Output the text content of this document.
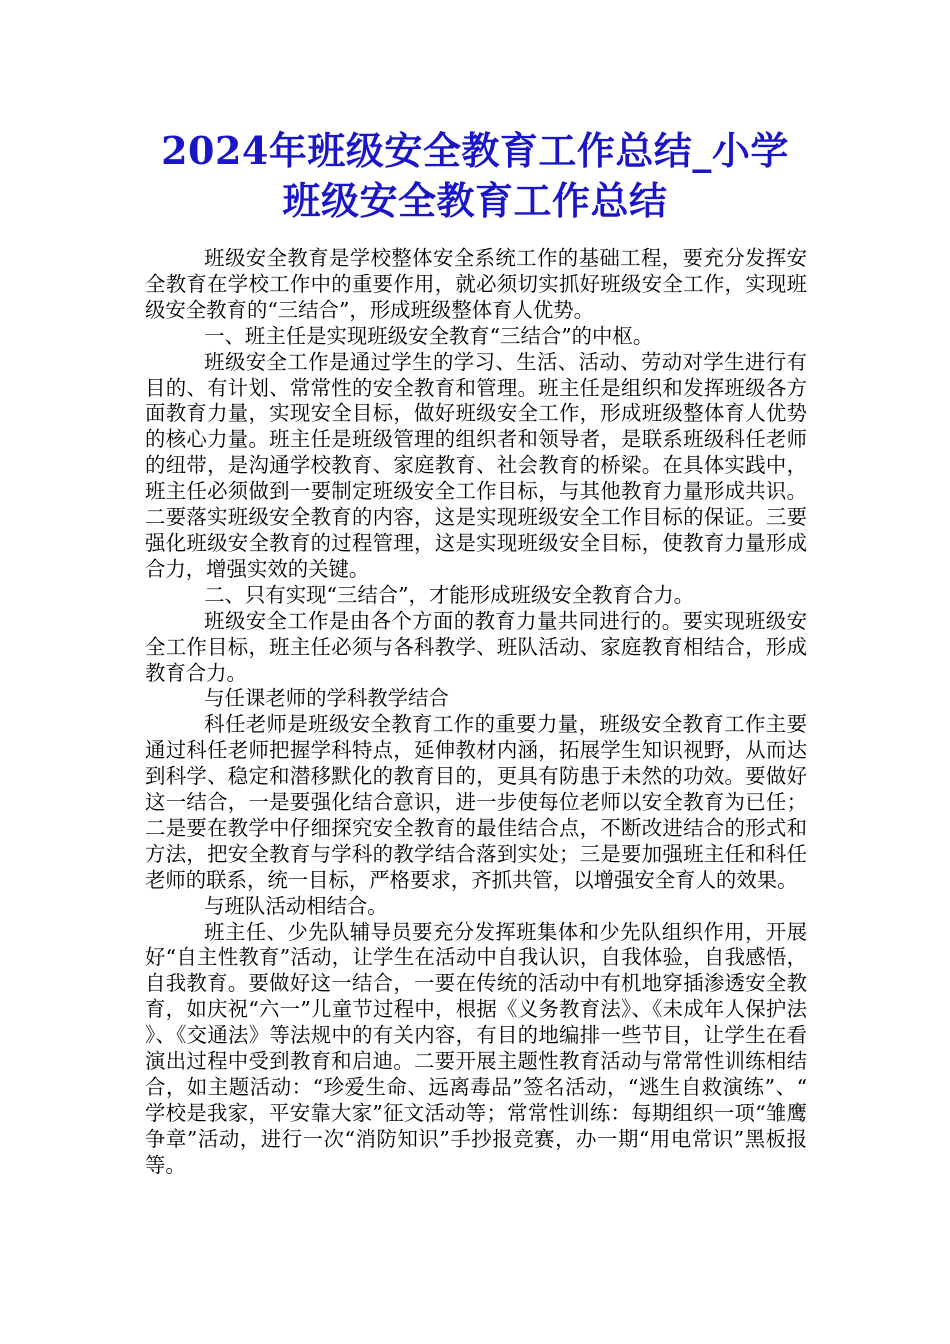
2024年班级安全教育工作总结_小学
班级安全教育工作总结

班级安全教育是学校整体安全系统工作的基础工程，要充分发挥安全教育在学校工作中的重要作用，就必须切实抓好班级安全工作，实现班级安全教育的“三结合”，形成班级整体育人优势。

一、班主任是实现班级安全教育“三结合”的中枢。

班级安全工作是通过学生的学习、生活、活动、劳动对学生进行有目的、有计划、常常性的安全教育和管理。班主任是组织和发挥班级各方面教育力量，实现安全目标，做好班级安全工作，形成班级整体育人优势的核心力量。班主任是班级管理的组织者和领导者，是联系班级科任老师的纽带，是沟通学校教育、家庭教育、社会教育的桥梁。在具体实践中，班主任必须做到一要制定班级安全工作目标，与其他教育力量形成共识。二要落实班级安全教育的内容，这是实现班级安全工作目标的保证。三要强化班级安全教育的过程管理，这是实现班级安全目标，使教育力量形成合力，增强实效的关键。

二、只有实现“三结合”，才能形成班级安全教育合力。

班级安全工作是由各个方面的教育力量共同进行的。要实现班级安全工作目标，班主任必须与各科教学、班队活动、家庭教育相结合，形成教育合力。

与任课老师的学科教学结合

科任老师是班级安全教育工作的重要力量，班级安全教育工作主要 通过科任老师把握学科特点，延伸教材内涵，拓展学生知识视野，从而达到科学、稳定和潜移默化的教育目的，更具有防患于未然的功效。要做好这一结合，一是要强化结合意识，进一步使每位老师以安全教育为已任；二是要在教学中仔细探究安全教育的最佳结合点，不断改进结合的形式和方法，把安全教育与学科的教学结合落到实处；三是要加强班主任和科任老师的联系，统一目标，严格要求，齐抓共管，以增强安全育人的效果。

与班队活动相结合。

班主任、少先队辅导员要充分发挥班集体和少先队组织作用，开展好“自主性教育”活动，让学生在活动中自我认识，自我体验，自我感悟，自我教育。要做好这一结合，一要在传统的活动中有机地穿插渗透安全教育，如庆祝“六一”儿童节过程中，根据《义务教育法》、《未成年人保护法》、《交通法》等法规中的有关内容，有目的地编排一些节目，让学生在看演出过程中受到教育和启迪。二要开展主题性教育活动与常常性训练相结合，如主题活动：“珍爱生命、远离毒品”签名活动，“逃生自救演练”、“学校是我家，平安靠大家”征文活动等；常常性训练：每期组织一项“雏鹰争章”活动，进行一次“消防知识”手抄报竞赛，办一期“用电常识”黑板报等。
